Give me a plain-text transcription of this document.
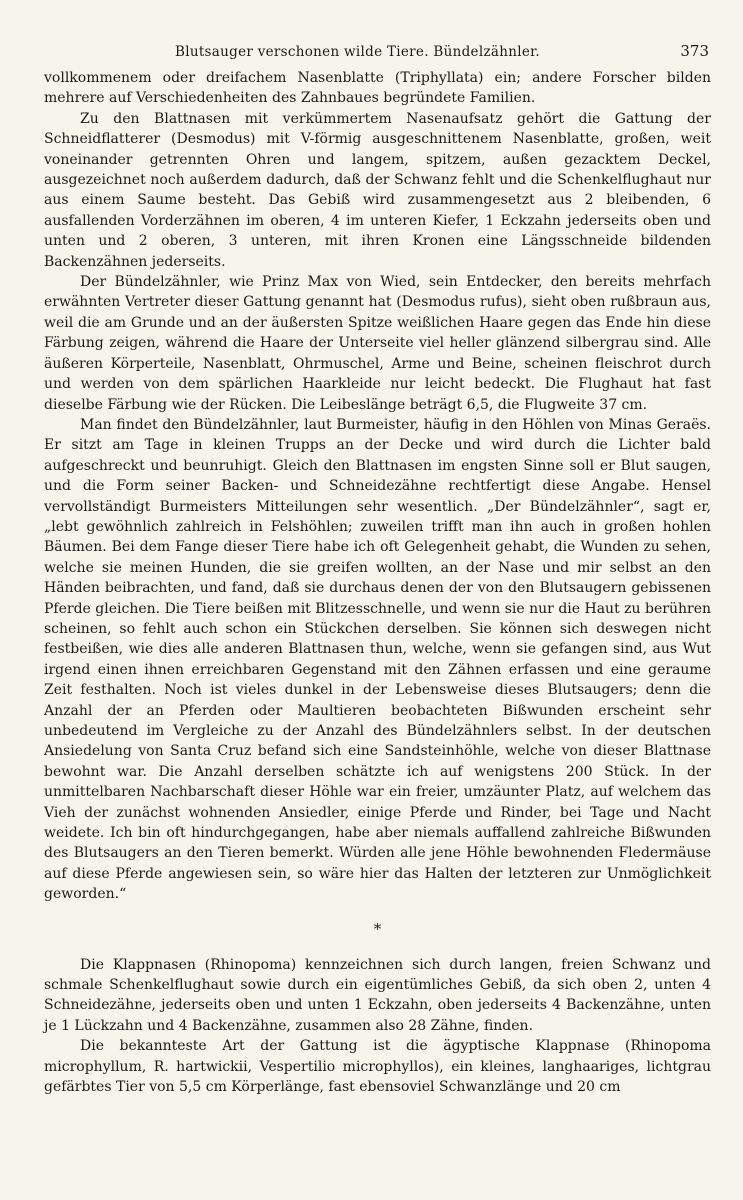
Blutsauger verschonen wilde Tiere. Bündelzähnler.	373

vollkommenem oder dreifachem Nasenblatte (Triphyllata) ein; andere Forscher bilden mehrere auf Verschiedenheiten des Zahnbaues begründete Familien.

Zu den Blattnasen mit verkümmertem Nasenaufsatz gehört die Gattung der Schneidflatterer (Desmodus) mit V-förmig ausgeschnittenem Nasenblatte, großen, weit voneinander getrennten Ohren und langem, spitzem, außen gezacktem Deckel, ausgezeichnet noch außerdem dadurch, daß der Schwanz fehlt und die Schenkelflughaut nur aus einem Saume besteht. Das Gebiß wird zusammengesetzt aus 2 bleibenden, 6 ausfallenden Vorderzähnen im oberen, 4 im unteren Kiefer, 1 Eckzahn jederseits oben und unten und 2 oberen, 3 unteren, mit ihren Kronen eine Längsschneide bildenden Backenzähnen jederseits.

Der Bündelzähnler, wie Prinz Max von Wied, sein Entdecker, den bereits mehrfach erwähnten Vertreter dieser Gattung genannt hat (Desmodus rufus), sieht oben rußbraun aus, weil die am Grunde und an der äußersten Spitze weißlichen Haare gegen das Ende hin diese Färbung zeigen, während die Haare der Unterseite viel heller glänzend silbergrau sind. Alle äußeren Körperteile, Nasenblatt, Ohrmuschel, Arme und Beine, scheinen fleischrot durch und werden von dem spärlichen Haarkleide nur leicht bedeckt. Die Flughaut hat fast dieselbe Färbung wie der Rücken. Die Leibeslänge beträgt 6,5, die Flugweite 37 cm.

Man findet den Bündelzähnler, laut Burmeister, häufig in den Höhlen von Minas Geraës. Er sitzt am Tage in kleinen Trupps an der Decke und wird durch die Lichter bald aufgeschreckt und beunruhigt. Gleich den Blattnasen im engsten Sinne soll er Blut saugen, und die Form seiner Backen- und Schneidezähne rechtfertigt diese Angabe. Hensel vervollständigt Burmeisters Mitteilungen sehr wesentlich. „Der Bündelzähnler“, sagt er, „lebt gewöhnlich zahlreich in Felshöhlen; zuweilen trifft man ihn auch in großen hohlen Bäumen. Bei dem Fange dieser Tiere habe ich oft Gelegenheit gehabt, die Wunden zu sehen, welche sie meinen Hunden, die sie greifen wollten, an der Nase und mir selbst an den Händen beibrachten, und fand, daß sie durchaus denen der von den Blutsaugern gebissenen Pferde gleichen. Die Tiere beißen mit Blitzesschnelle, und wenn sie nur die Haut zu berühren scheinen, so fehlt auch schon ein Stückchen derselben. Sie können sich deswegen nicht festbeißen, wie dies alle anderen Blattnasen thun, welche, wenn sie gefangen sind, aus Wut irgend einen ihnen erreichbaren Gegenstand mit den Zähnen erfassen und eine geraume Zeit festhalten. Noch ist vieles dunkel in der Lebensweise dieses Blutsaugers; denn die Anzahl der an Pferden oder Maultieren beobachteten Bißwunden erscheint sehr unbedeutend im Vergleiche zu der Anzahl des Bündelzähnlers selbst. In der deutschen Ansiedelung von Santa Cruz befand sich eine Sandsteinhöhle, welche von dieser Blattnase bewohnt war. Die Anzahl derselben schätzte ich auf wenigstens 200 Stück. In der unmittelbaren Nachbarschaft dieser Höhle war ein freier, umzäunter Platz, auf welchem das Vieh der zunächst wohnenden Ansiedler, einige Pferde und Rinder, bei Tage und Nacht weidete. Ich bin oft hindurchgegangen, habe aber niemals auffallend zahlreiche Bißwunden des Blutsaugers an den Tieren bemerkt. Würden alle jene Höhle bewohnenden Fledermäuse auf diese Pferde angewiesen sein, so wäre hier das Halten der letzteren zur Unmöglichkeit geworden.“

*

Die Klappnasen (Rhinopoma) kennzeichnen sich durch langen, freien Schwanz und schmale Schenkelflughaut sowie durch ein eigentümliches Gebiß, da sich oben 2, unten 4 Schneidezähne, jederseits oben und unten 1 Eckzahn, oben jederseits 4 Backenzähne, unten je 1 Lückzahn und 4 Backenzähne, zusammen also 28 Zähne, finden.

Die bekannteste Art der Gattung ist die ägyptische Klappnase (Rhinopoma microphyllum, R. hartwickii, Vespertilio microphyllos), ein kleines, langhaariges, lichtgrau gefärbtes Tier von 5,5 cm Körperlänge, fast ebensoviel Schwanzlänge und 20 cm
